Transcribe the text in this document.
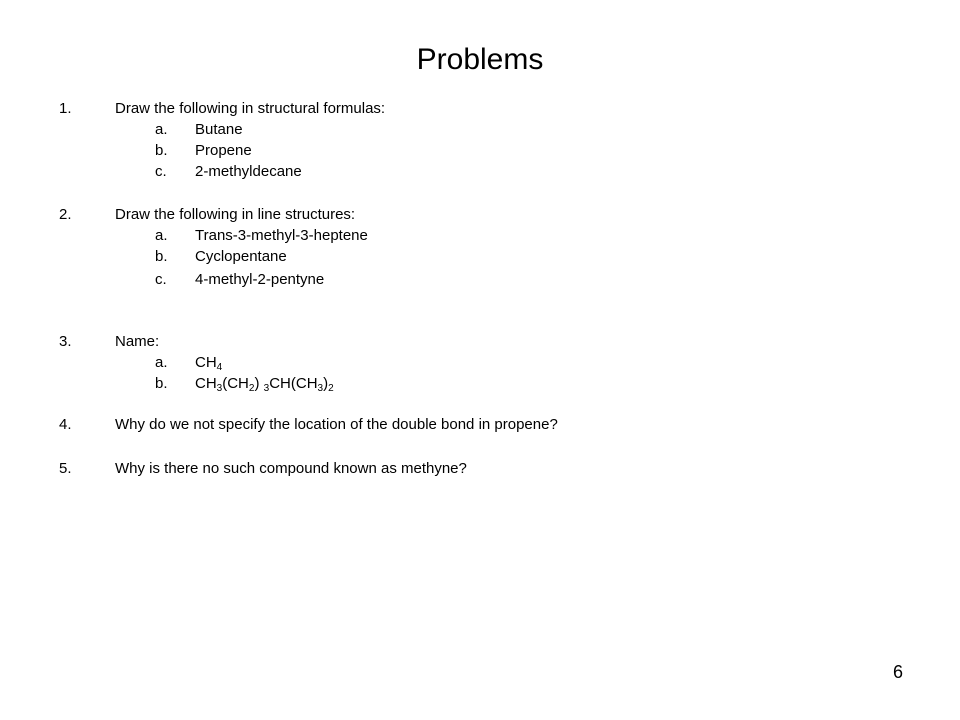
Problems
1.	Draw the following in structural formulas:
a. Butane
b. Propene
c. 2-methyldecane
2.	Draw the following in line structures:
a. Trans-3-methyl-3-heptene
b. Cyclopentane
c. 4-methyl-2-pentyne
3.	Name:
a. $CH_4$
b. $CH_3(CH_2)$ $_3CH(CH_3)_2$
4.	Why do we not specify the location of the double bond in propene?
5.	Why is there no such compound known as methyne?
6
